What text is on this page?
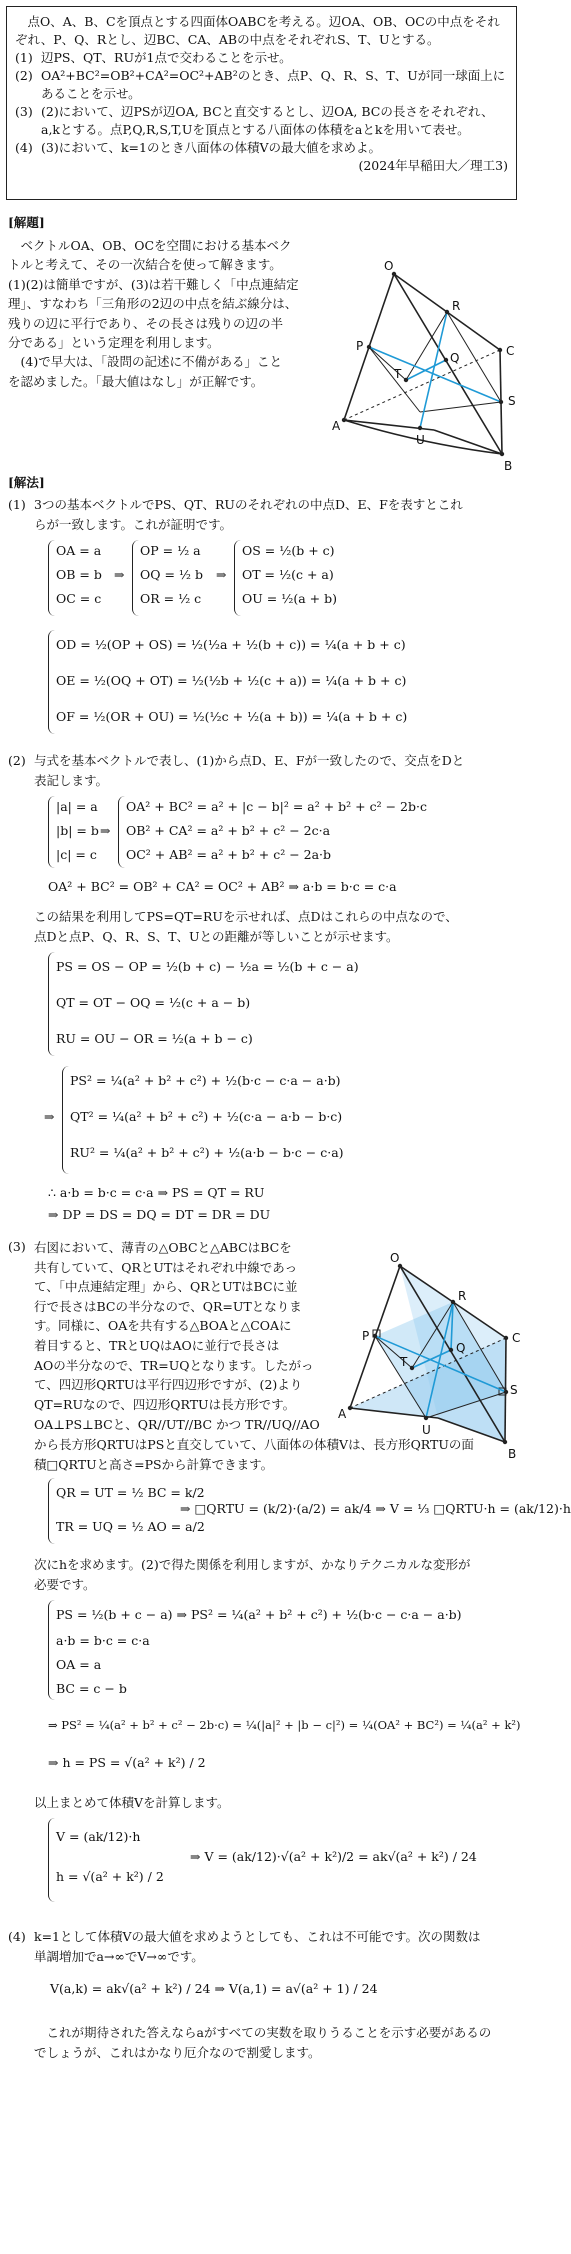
点O、A、B、Cを頂点とする四面体OABCを考える。辺OA、OB、OCの中点をそれぞれ、P、Q、Rとし、辺BC、CA、ABの中点をそれぞれS、T、Uとする。

(1) 辺PS、QT、RUが1点で交わることを示せ。
(2) OA²+BC²=OB²+CA²=OC²+AB²のとき、点P、Q、R、S、T、Uが同一球面上にあることを示せ。
(3) (2)において、辺PSが辺OA, BCと直交するとし、辺OA, BCの長さをそれぞれ、a,kとする。点P,Q,R,S,T,Uを頂点とする八面体の体積をaとkを用いて表せ。
(4) (3)において、k=1のとき八面体の体積Vの最大値を求めよ。

(2024年早稲田大／理工3)

[解題]
ベクトルOA、OB、OCを空間における基本ベク
トルと考えて、その一次結合を使って解きます。
(1)(2)は簡単ですが、(3)は若干難しく「中点連結定
理」、すなわち「三角形の2辺の中点を結ぶ線分は、
残りの辺に平行であり、その長さは残りの辺の半
分である」という定理を利用します。
(4)で早大は、「設問の記述に不備がある」こと
を認めました。「最大値はなし」が正解です。
O
R
C
P
T
Q
S
A
U
B
[解法]
(1) 3つの基本ベクトルでPS、QT、RUのそれぞれの中点D、E、Fを表すとこれ
らが一致します。これが証明です。
OA = a
OB = b
OC = c
⇒
OP = ½ a
OQ = ½ b
OR = ½ c
⇒
OS = ½(b + c)
OT = ½(c + a)
OU = ½(a + b)
OD = ½(OP + OS) = ½(½a + ½(b + c)) = ¼(a + b + c)
OE = ½(OQ + OT) = ½(½b + ½(c + a)) = ¼(a + b + c)
OF = ½(OR + OU) = ½(½c + ½(a + b)) = ¼(a + b + c)
(2) 与式を基本ベクトルで表し、(1)から点D、E、Fが一致したので、交点をDと
表記します。
|a| = a
|b| = b
|c| = c
⇒
OA² + BC² = a² + |c − b|² = a² + b² + c² − 2b·c
OB² + CA² = a² + b² + c² − 2c·a
OC² + AB² = a² + b² + c² − 2a·b
OA² + BC² = OB² + CA² = OC² + AB² ⇒ a·b = b·c = c·a
この結果を利用してPS=QT=RUを示せれば、点Dはこれらの中点なので、
点Dと点P、Q、R、S、T、Uとの距離が等しいことが示せます。
PS = OS − OP = ½(b + c) − ½a = ½(b + c − a)
QT = OT − OQ = ½(c + a − b)
RU = OU − OR = ½(a + b − c)
⇒
PS² = ¼(a² + b² + c²) + ½(b·c − c·a − a·b)
QT² = ¼(a² + b² + c²) + ½(c·a − a·b − b·c)
RU² = ¼(a² + b² + c²) + ½(a·b − b·c − c·a)
∴ a·b = b·c = c·a ⇒ PS = QT = RU
⇒ DP = DS = DQ = DT = DR = DU
(3) 右図において、薄青の△OBCと△ABCはBCを
共有していて、QRとUTはそれぞれ中線であっ
て、「中点連結定理」から、QRとUTはBCに並
行で長さはBCの半分なので、QR=UTとなりま
す。同様に、OAを共有する△BOAと△COAに
着目すると、TRとUQはAOに並行で長さは
AOの半分なので、TR=UQとなります。したがっ
て、四辺形QRTUは平行四辺形ですが、(2)より
QT=RUなので、四辺形QRTUは長方形です。
O
R
C
P
T
Q
S
A
U
B
OA⊥PS⊥BCと、QR//UT//BC かつ TR//UQ//AO
から長方形QRTUはPSと直交していて、八面体の体積Vは、長方形QRTUの面
積□QRTUと高さ=PSから計算できます。
QR = UT = ½ BC = k/2
TR = UQ = ½ AO = a/2
⇒ □QRTU = (k/2)·(a/2) = ak/4 ⇒ V = ⅓ □QRTU·h = (ak/12)·h
次にhを求めます。(2)で得た関係を利用しますが、かなりテクニカルな変形が
必要です。
PS = ½(b + c − a) ⇒ PS² = ¼(a² + b² + c²) + ½(b·c − c·a − a·b)
a·b = b·c = c·a
OA = a
BC = c − b
⇒ PS² = ¼(a² + b² + c² − 2b·c) = ¼(|a|² + |b − c|²) = ¼(OA² + BC²) = ¼(a² + k²)
⇒ h = PS = √(a² + k²) / 2
以上まとめて体積Vを計算します。
V = (ak/12)·h
h = √(a² + k²) / 2
⇒ V = (ak/12)·√(a² + k²)/2 = ak√(a² + k²) / 24
(4) k=1として体積Vの最大値を求めようとしても、これは不可能です。次の関数は
単調増加でa→∞でV→∞です。
V(a,k) = ak√(a² + k²) / 24 ⇒ V(a,1) = a√(a² + 1) / 24
これが期待された答えならaがすべての実数を取りうることを示す必要があるの
でしょうが、これはかなり厄介なので割愛します。
